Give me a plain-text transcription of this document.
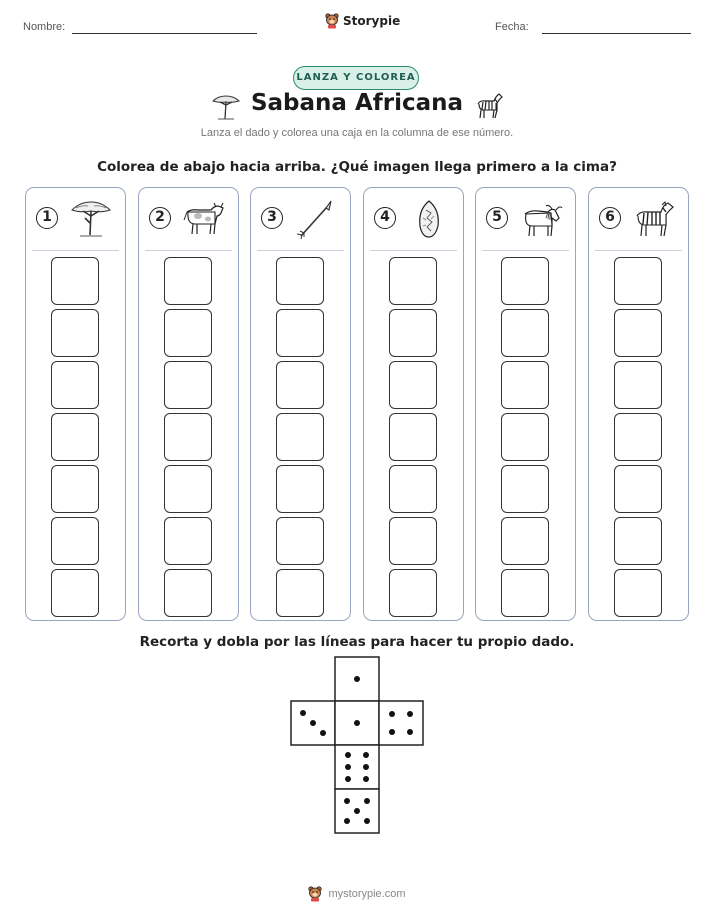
Nombre:	Storypie	Fecha:
LANZA Y COLOREA
Sabana Africana
Lanza el dado y colorea una caja en la columna de ese número.
Colorea de abajo hacia arriba. ¿Qué imagen llega primero a la cima?
1	2	3	4	5	6
Recorta y dobla por las líneas para hacer tu propio dado.
mystorypie.com
